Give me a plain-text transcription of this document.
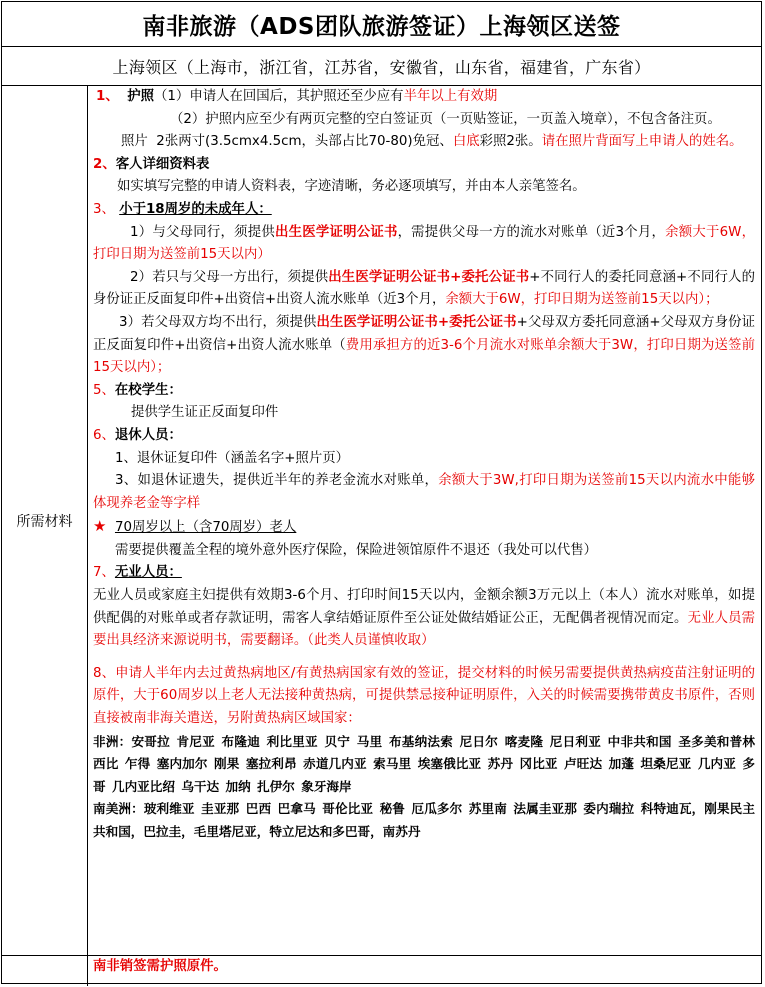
南非旅游（ADS团队旅游签证）上海领区送签
上海领区（上海市，浙江省，江苏省，安徽省，山东省，福建省，广东省）
所需材料
1、 护照（1）申请人在回国后，其护照还至少应有半年以上有效期
（2）护照内应至少有两页完整的空白签证页（一页贴签证，一页盖入境章），不包含备注页。
照片 2张两寸(3.5cmx4.5cm，头部占比70-80)免冠、白底彩照2张。请在照片背面写上申请人的姓名。
2、客人详细资料表
如实填写完整的申请人资料表，字迹清晰，务必逐项填写，并由本人亲笔签名。
3、 小于18周岁的未成年人：
1）与父母同行，须提供出生医学证明公证书，需提供父母一方的流水对账单（近3个月，余额大于6W，打印日期为送签前15天以内）
2）若只与父母一方出行，须提供出生医学证明公证书+委托公证书+不同行人的委托同意涵+不同行人的身份证正反面复印件+出资信+出资人流水账单（近3个月，余额大于6W，打印日期为送签前15天以内）；
3）若父母双方均不出行，须提供出生医学证明公证书+委托公证书+父母双方委托同意涵+父母双方身份证正反面复印件+出资信+出资人流水账单（费用承担方的近3-6个月流水对账单余额大于3W，打印日期为送签前15天以内）；
5、在校学生：
提供学生证正反面复印件
6、退休人员：
1、退休证复印件（涵盖名字+照片页）
3、如退休证遗失，提供近半年的养老金流水对账单，余额大于3W,打印日期为送签前15天以内流水中能够体现养老金等字样
★ 70周岁以上（含70周岁）老人
需要提供覆盖全程的境外意外医疗保险，保险进领馆原件不退还（我处可以代售）
7、无业人员：
无业人员或家庭主妇提供有效期3-6个月、打印时间15天以内，金额余额3万元以上（本人）流水对账单，如提供配偶的对账单或者存款证明，需客人拿结婚证原件至公证处做结婚证公正，无配偶者视情况而定。无业人员需要出具经济来源说明书，需要翻译。（此类人员谨慎收取）
8、申请人半年内去过黄热病地区/有黄热病国家有效的签证，提交材料的时候另需要提供黄热病疫苗注射证明的原件，大于60周岁以上老人无法接种黄热病，可提供禁忌接种证明原件，入关的时候需要携带黄皮书原件，否则直接被南非海关遣送，另附黄热病区域国家：
非洲：安哥拉 肯尼亚 布隆迪 利比里亚 贝宁 马里 布基纳法索 尼日尔 喀麦隆 尼日利亚 中非共和国 圣多美和普林西比 乍得 塞内加尔 刚果 塞拉利昂 赤道几内亚 索马里 埃塞俄比亚 苏丹 冈比亚 卢旺达 加蓬 坦桑尼亚 几内亚 多哥 几内亚比绍 乌干达 加纳 扎伊尔 象牙海岸
南美洲：玻利维亚 圭亚那 巴西 巴拿马 哥伦比亚 秘鲁 厄瓜多尔 苏里南 法属圭亚那 委内瑞拉 科特迪瓦，刚果民主共和国，巴拉圭，毛里塔尼亚，特立尼达和多巴哥，南苏丹
南非销签需护照原件。
